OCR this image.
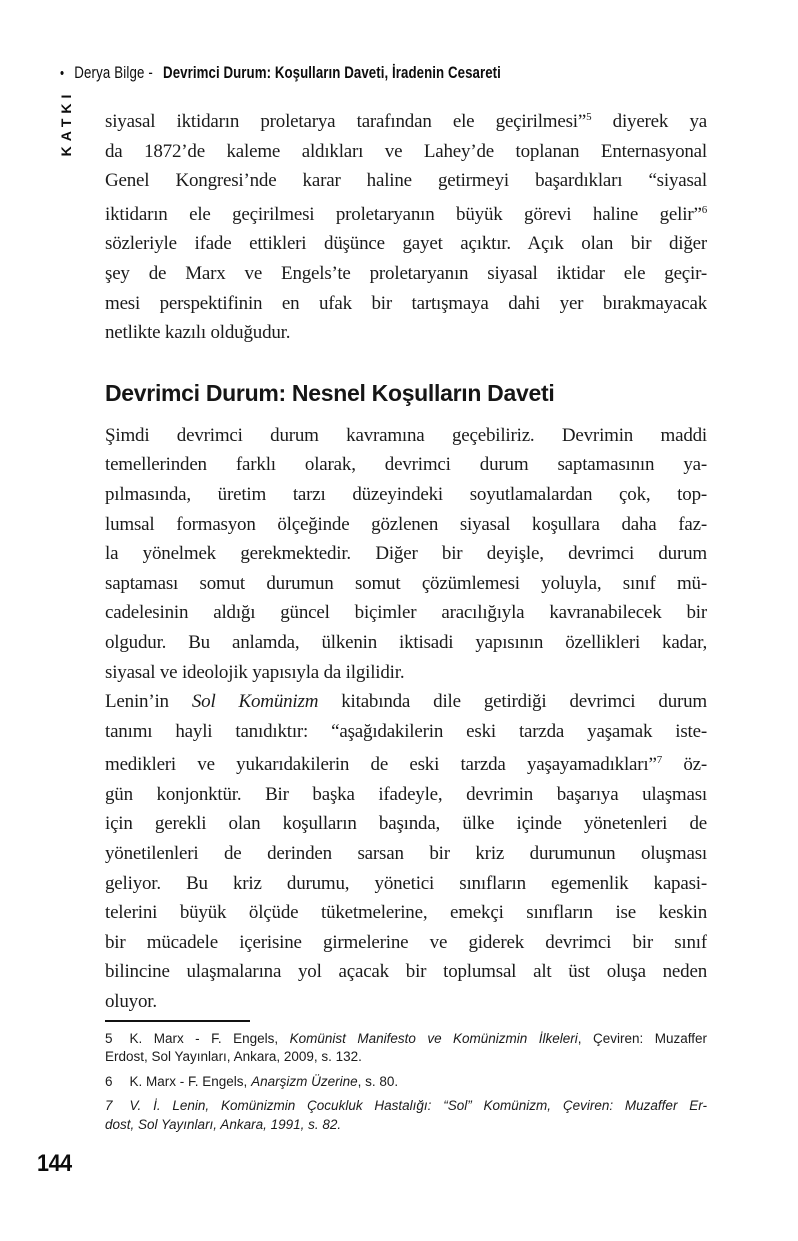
• Derya Bilge - Devrimci Durum: Koşulların Daveti, İradenin Cesareti
KATKI siyasal iktidarın proletarya tarafından ele geçirilmesi”$^5$ diyerek ya
da 1872’de kaleme aldıkları ve Lahey’de toplanan Enternasyonal
Genel Kongresi’nde karar haline getirmeyi başardıkları “siyasal
iktidarın ele geçirilmesi proletaryanın büyük görevi haline gelir”$^6$
sözleriyle ifade ettikleri düşünce gayet açıktır. Açık olan bir diğer
şey de Marx ve Engels’te proletaryanın siyasal iktidar ele geçir-
mesi perspektifinin en ufak bir tartışmaya dahi yer bırakmayacak
netlikte kazılı olduğudur.
Devrimci Durum: Nesnel Koşulların Daveti
Şimdi devrimci durum kavramına geçebiliriz. Devrimin maddi
temellerinden farklı olarak, devrimci durum saptamasının ya-
pılmasında, üretim tarzı düzeyindeki soyutlamalardan çok, top-
lumsal formasyon ölçeğinde gözlenen siyasal koşullara daha faz-
la yönelmek gerekmektedir. Diğer bir deyişle, devrimci durum
saptaması somut durumun somut çözümlemesi yoluyla, sınıf mü-
cadelesinin aldığı güncel biçimler aracılığıyla kavranabilecek bir
olgudur. Bu anlamda, ülkenin iktisadi yapısının özellikleri kadar,
siyasal ve ideolojik yapısıyla da ilgilidir.
Lenin’in Sol Komünizm kitabında dile getirdiği devrimci durum
tanımı hayli tanıdıktır: “aşağıdakilerin eski tarzda yaşamak iste-
medikleri ve yukarıdakilerin de eski tarzda yaşayamadıkları”$^7$ öz-
gün konjonktür. Bir başka ifadeyle, devrimin başarıya ulaşması
için gerekli olan koşulların başında, ülke içinde yönetenleri de
yönetilenleri de derinden sarsan bir kriz durumunun oluşması
geliyor. Bu kriz durumu, yönetici sınıfların egemenlik kapasi-
telerini büyük ölçüde tüketmelerine, emekçi sınıfların ise keskin
bir mücadele içerisine girmelerine ve giderek devrimci bir sınıf
bilincine ulaşmalarına yol açacak bir toplumsal alt üst oluşa neden
oluyor.
5 K. Marx - F. Engels, Komünist Manifesto ve Komünizmin İlkeleri, Çeviren: Muzaffer
Erdost, Sol Yayınları, Ankara, 2009, s. 132.
6 K. Marx - F. Engels, Anarşizm Üzerine, s. 80.
7 V. İ. Lenin, Komünizmin Çocukluk Hastalığı: “Sol” Komünizm, Çeviren: Muzaffer Er-
dost, Sol Yayınları, Ankara, 1991, s. 82.
144
